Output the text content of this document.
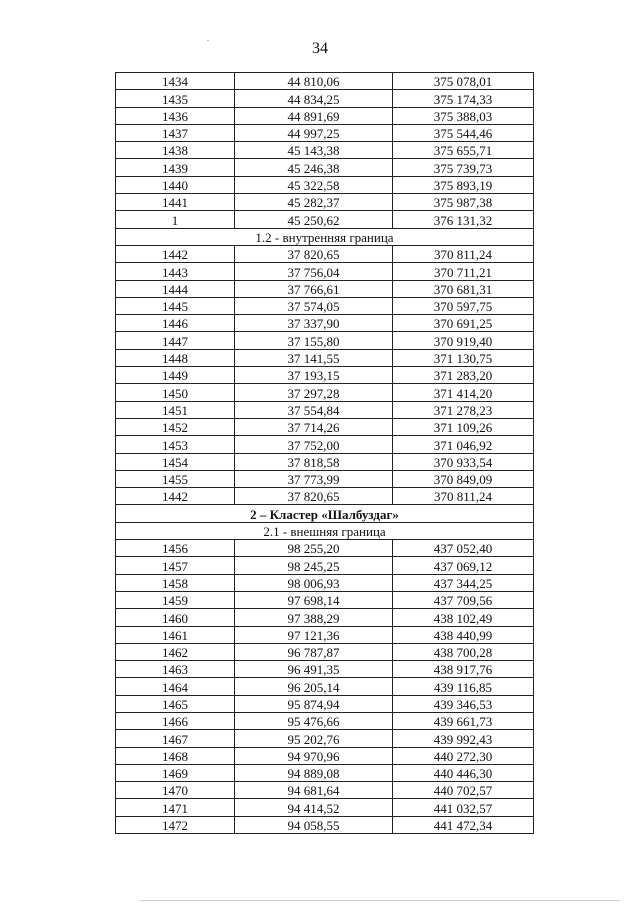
34
1434	44 810,06	375 078,01
1435	44 834,25	375 174,33
1436	44 891,69	375 388,03
1437	44 997,25	375 544,46
1438	45 143,38	375 655,71
1439	45 246,38	375 739,73
1440	45 322,58	375 893,19
1441	45 282,37	375 987,38
1	45 250,62	376 131,32
1.2 - внутренняя граница		
1442	37 820,65	370 811,24
1443	37 756,04	370 711,21
1444	37 766,61	370 681,31
1445	37 574,05	370 597,75
1446	37 337,90	370 691,25
1447	37 155,80	370 919,40
1448	37 141,55	371 130,75
1449	37 193,15	371 283,20
1450	37 297,28	371 414,20
1451	37 554,84	371 278,23
1452	37 714,26	371 109,26
1453	37 752,00	371 046,92
1454	37 818,58	370 933,54
1455	37 773,99	370 849,09
1442	37 820,65	370 811,24
2 – Кластер «Шалбуздаг»		
2.1 - внешняя граница		
1456	98 255,20	437 052,40
1457	98 245,25	437 069,12
1458	98 006,93	437 344,25
1459	97 698,14	437 709,56
1460	97 388,29	438 102,49
1461	97 121,36	438 440,99
1462	96 787,87	438 700,28
1463	96 491,35	438 917,76
1464	96 205,14	439 116,85
1465	95 874,94	439 346,53
1466	95 476,66	439 661,73
1467	95 202,76	439 992,43
1468	94 970,96	440 272,30
1469	94 889,08	440 446,30
1470	94 681,64	440 702,57
1471	94 414,52	441 032,57
1472	94 058,55	441 472,34
